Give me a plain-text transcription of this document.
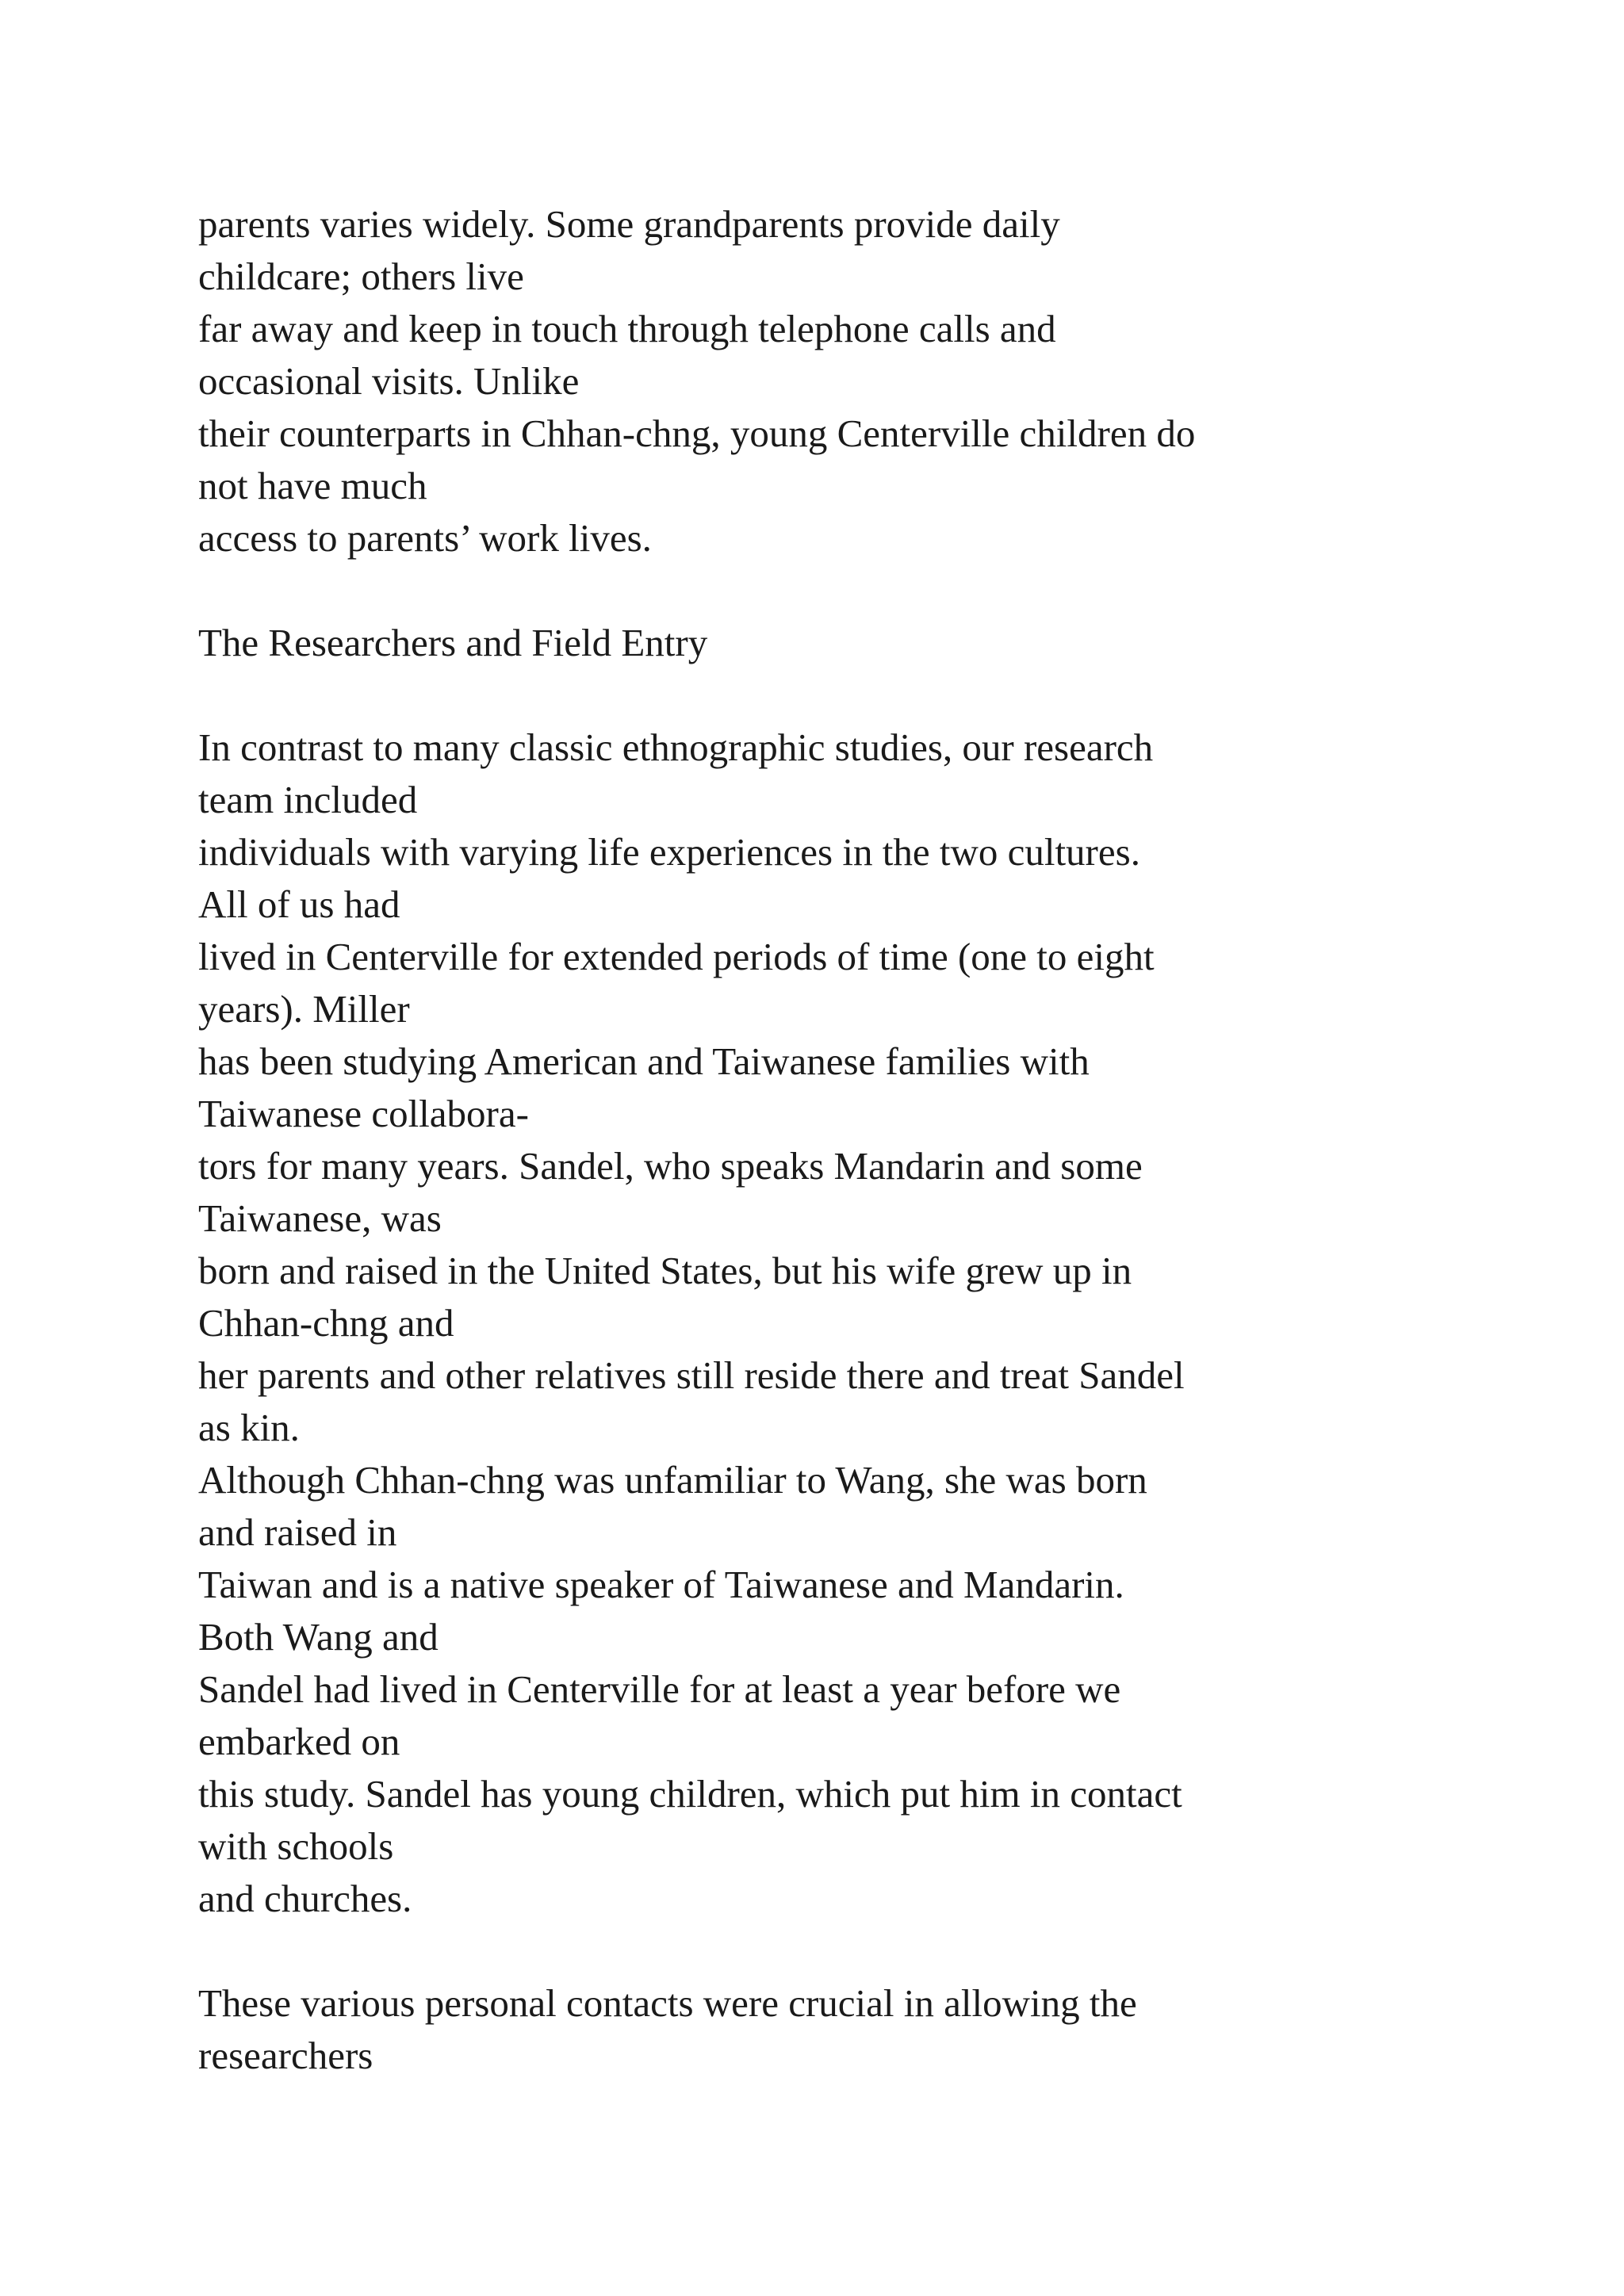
parents varies widely. Some grandparents provide daily
childcare; others live
far away and keep in touch through telephone calls and
occasional visits. Unlike
their counterparts in Chhan-chng, young Centerville children do
not have much
access to parents’ work lives.
The Researchers and Field Entry
In contrast to many classic ethnographic studies, our research
team included
individuals with varying life experiences in the two cultures.
All of us had
lived in Centerville for extended periods of time (one to eight
years). Miller
has been studying American and Taiwanese families with
Taiwanese collabora-
tors for many years. Sandel, who speaks Mandarin and some
Taiwanese, was
born and raised in the United States, but his wife grew up in
Chhan-chng and
her parents and other relatives still reside there and treat Sandel
as kin.
Although Chhan-chng was unfamiliar to Wang, she was born
and raised in
Taiwan and is a native speaker of Taiwanese and Mandarin.
Both Wang and
Sandel had lived in Centerville for at least a year before we
embarked on
this study. Sandel has young children, which put him in contact
with schools
and churches.
These various personal contacts were crucial in allowing the
researchers
